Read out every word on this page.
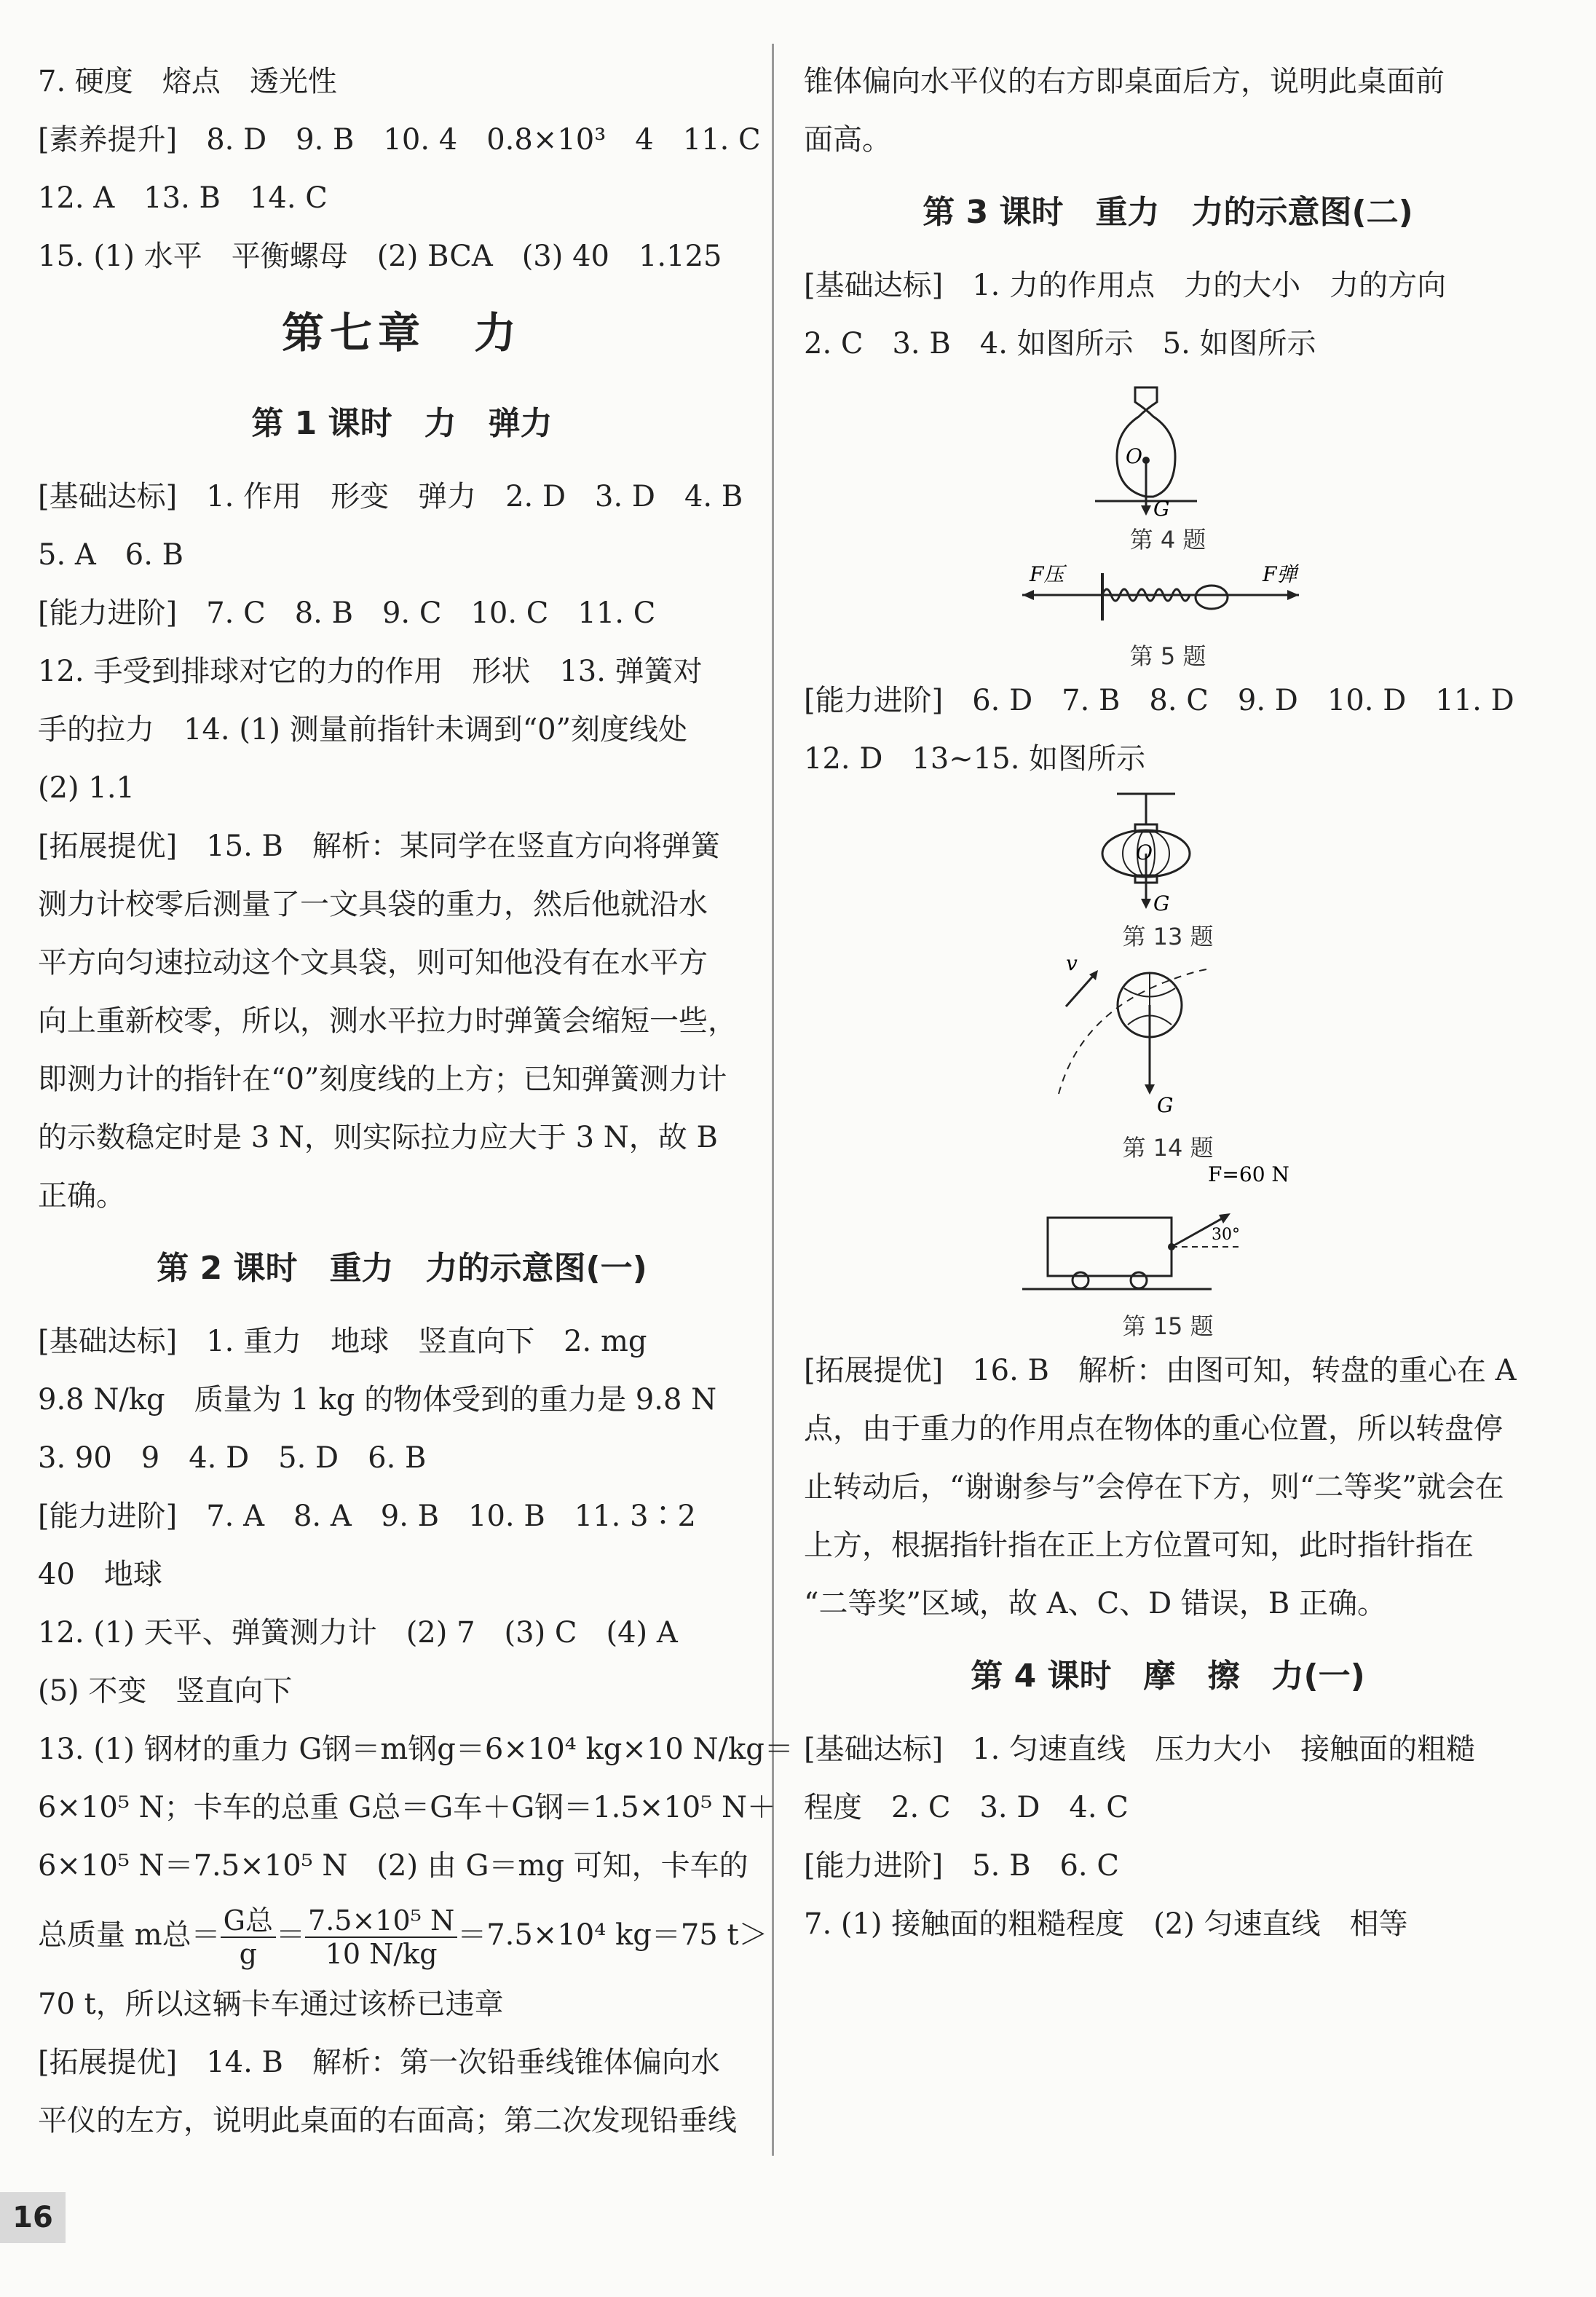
7. 硬度　熔点　透光性
[素养提升]　8. D　9. B　10. 4　0.8×10³　4　11. C
12. A　13. B　14. C
15. (1) 水平　平衡螺母　(2) BCA　(3) 40　1.125
第七章　力
第 1 课时　力　弹力
[基础达标]　1. 作用　形变　弹力　2. D　3. D　4. B
5. A　6. B
[能力进阶]　7. C　8. B　9. C　10. C　11. C
12. 手受到排球对它的力的作用　形状　13. 弹簧对
手的拉力　14. (1) 测量前指针未调到“0”刻度线处
(2) 1.1
[拓展提优]　15. B　解析：某同学在竖直方向将弹簧
测力计校零后测量了一文具袋的重力，然后他就沿水
平方向匀速拉动这个文具袋，则可知他没有在水平方
向上重新校零，所以，测水平拉力时弹簧会缩短一些，
即测力计的指针在“0”刻度线的上方；已知弹簧测力计
的示数稳定时是 3 N，则实际拉力应大于 3 N，故 B
正确。
第 2 课时　重力　力的示意图(一)
[基础达标]　1. 重力　地球　竖直向下　2. mg
9.8 N/kg　质量为 1 kg 的物体受到的重力是 9.8 N
3. 90　9　4. D　5. D　6. B
[能力进阶]　7. A　8. A　9. B　10. B　11. 3∶2
40　地球
12. (1) 天平、弹簧测力计　(2) 7　(3) C　(4) A
(5) 不变　竖直向下
13. (1) 钢材的重力 G钢＝m钢g＝6×10⁴ kg×10 N/kg＝
6×10⁵ N；卡车的总重 G总＝G车＋G钢＝1.5×10⁵ N＋
6×10⁵ N＝7.5×10⁵ N　(2) 由 G＝mg 可知，卡车的
总质量 m总＝ $\frac{\text{G总}}{g} = \frac{\text{7.5×10⁵ N}}{10 N/kg} =7.5\times 10^4$ kg＝75 t＞
70 t，所以这辆卡车通过该桥已违章
[拓展提优]　14. B　解析：第一次铅垂线锥体偏向水
平仪的左方，说明此桌面的右面高；第二次发现铅垂线
锥体偏向水平仪的右方即桌面后方，说明此桌面前
面高。
第 3 课时　重力　力的示意图(二)
[基础达标]　1. 力的作用点　力的大小　力的方向
2. C　3. B　4. 如图所示　5. 如图所示
O
G
第 4 题
F压	F弹
第 5 题
[能力进阶]　6. D　7. B　8. C　9. D　10. D　11. D
12. D　13~15. 如图所示
O
G
第 13 题
v
G
第 14 题
F=60 N
30°
第 15 题
[拓展提优]　16. B　解析：由图可知，转盘的重心在 A
点，由于重力的作用点在物体的重心位置，所以转盘停
止转动后，“谢谢参与”会停在下方，则“二等奖”就会在
上方，根据指针指在正上方位置可知，此时指针指在
“二等奖”区域，故 A、C、D 错误，B 正确。
第 4 课时　摩　擦　力(一)
[基础达标]　1. 匀速直线　压力大小　接触面的粗糙
程度　2. C　3. D　4. C
[能力进阶]　5. B　6. C
7. (1) 接触面的粗糙程度　(2) 匀速直线　相等
16
